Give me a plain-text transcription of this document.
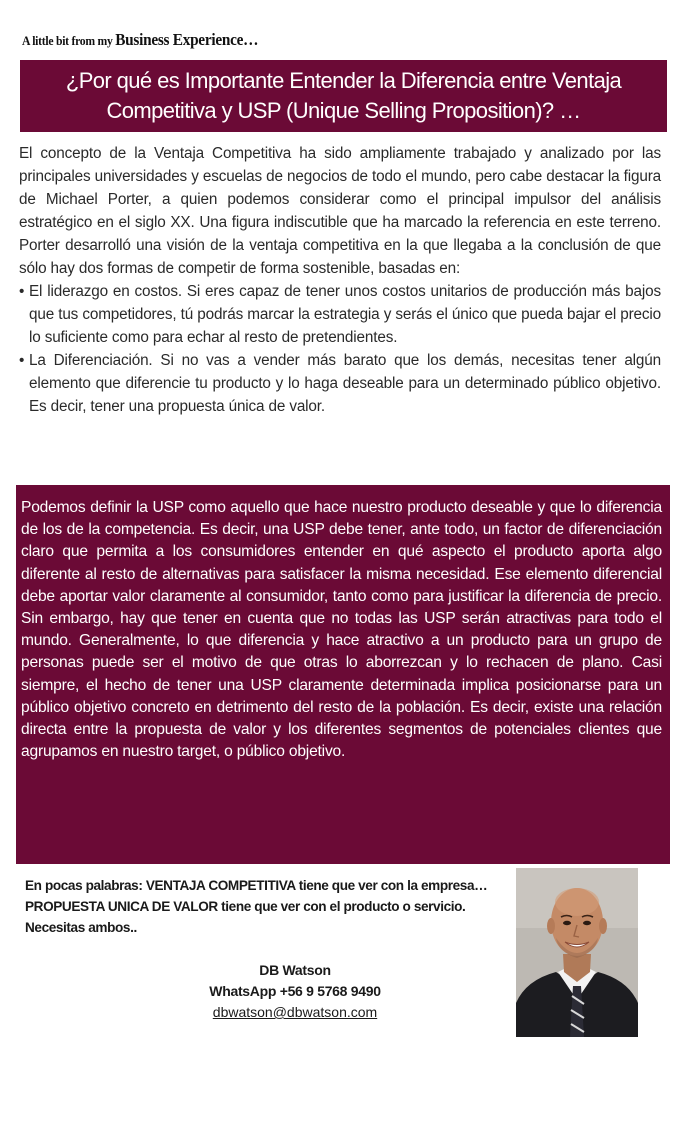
A little bit from my Business Experience…
¿Por qué es Importante Entender la Diferencia entre Ventaja Competitiva y USP (Unique Selling Proposition)? …

El concepto de la Ventaja Competitiva ha sido ampliamente trabajado y analizado por las principales universidades y escuelas de negocios de todo el mundo, pero cabe destacar la figura de Michael Porter, a quien podemos considerar como el principal impulsor del análisis estratégico en el siglo XX. Una figura indiscutible que ha marcado la referencia en este terreno. Porter desarrolló una visión de la ventaja competitiva en la que llegaba a la conclusión de que sólo hay dos formas de competir de forma sostenible, basadas en:

• El liderazgo en costos. Si eres capaz de tener unos costos unitarios de producción más bajos que tus competidores, tú podrás marcar la estrategia y serás el único que pueda bajar el precio lo suficiente como para echar al resto de pretendientes.
• La Diferenciación. Si no vas a vender más barato que los demás, necesitas tener algún elemento que diferencie tu producto y lo haga deseable para un determinado público objetivo. Es decir, tener una propuesta única de valor.

Podemos definir la USP como aquello que hace nuestro producto deseable y que lo diferencia de los de la competencia. Es decir, una USP debe tener, ante todo, un factor de diferenciación claro que permita a los consumidores entender en qué aspecto el producto aporta algo diferente al resto de alternativas para satisfacer la misma necesidad. Ese elemento diferencial debe aportar valor claramente al consumidor, tanto como para justificar la diferencia de precio. Sin embargo, hay que tener en cuenta que no todas las USP serán atractivas para todo el mundo. Generalmente, lo que diferencia y hace atractivo a un producto para un grupo de personas puede ser el motivo de que otras lo aborrezcan y lo rechacen de plano. Casi siempre, el hecho de tener una USP claramente determinada implica posicionarse para un público objetivo concreto en detrimento del resto de la población. Es decir, existe una relación directa entre la propuesta de valor y los diferentes segmentos de potenciales clientes que agrupamos en nuestro target, o público objetivo.

En pocas palabras: VENTAJA COMPETITIVA tiene que ver con la empresa…PROPUESTA UNICA DE VALOR tiene que ver con el producto o servicio. Necesitas ambos..
DB Watson
WhatsApp +56 9 5768 9490
dbwatson@dbwatson.com
